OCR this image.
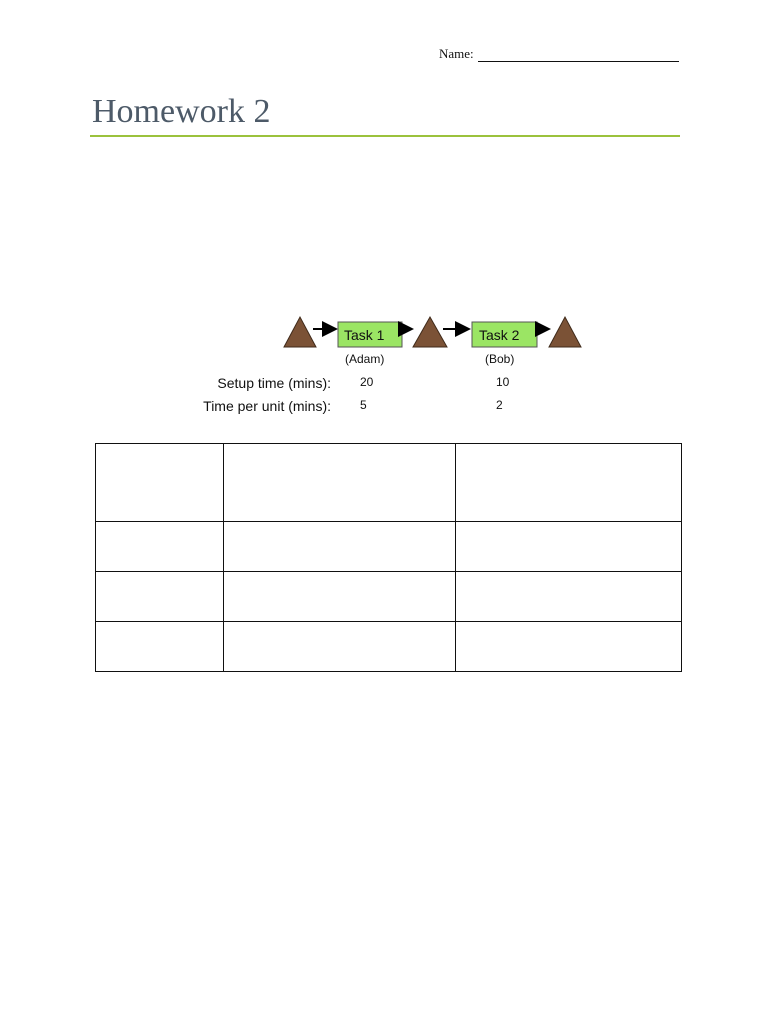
Name:
Homework 2
Task 1
(Adam)
Task 2
(Bob)
Setup time (mins): 20	10
Time per unit (mins): 5	2
